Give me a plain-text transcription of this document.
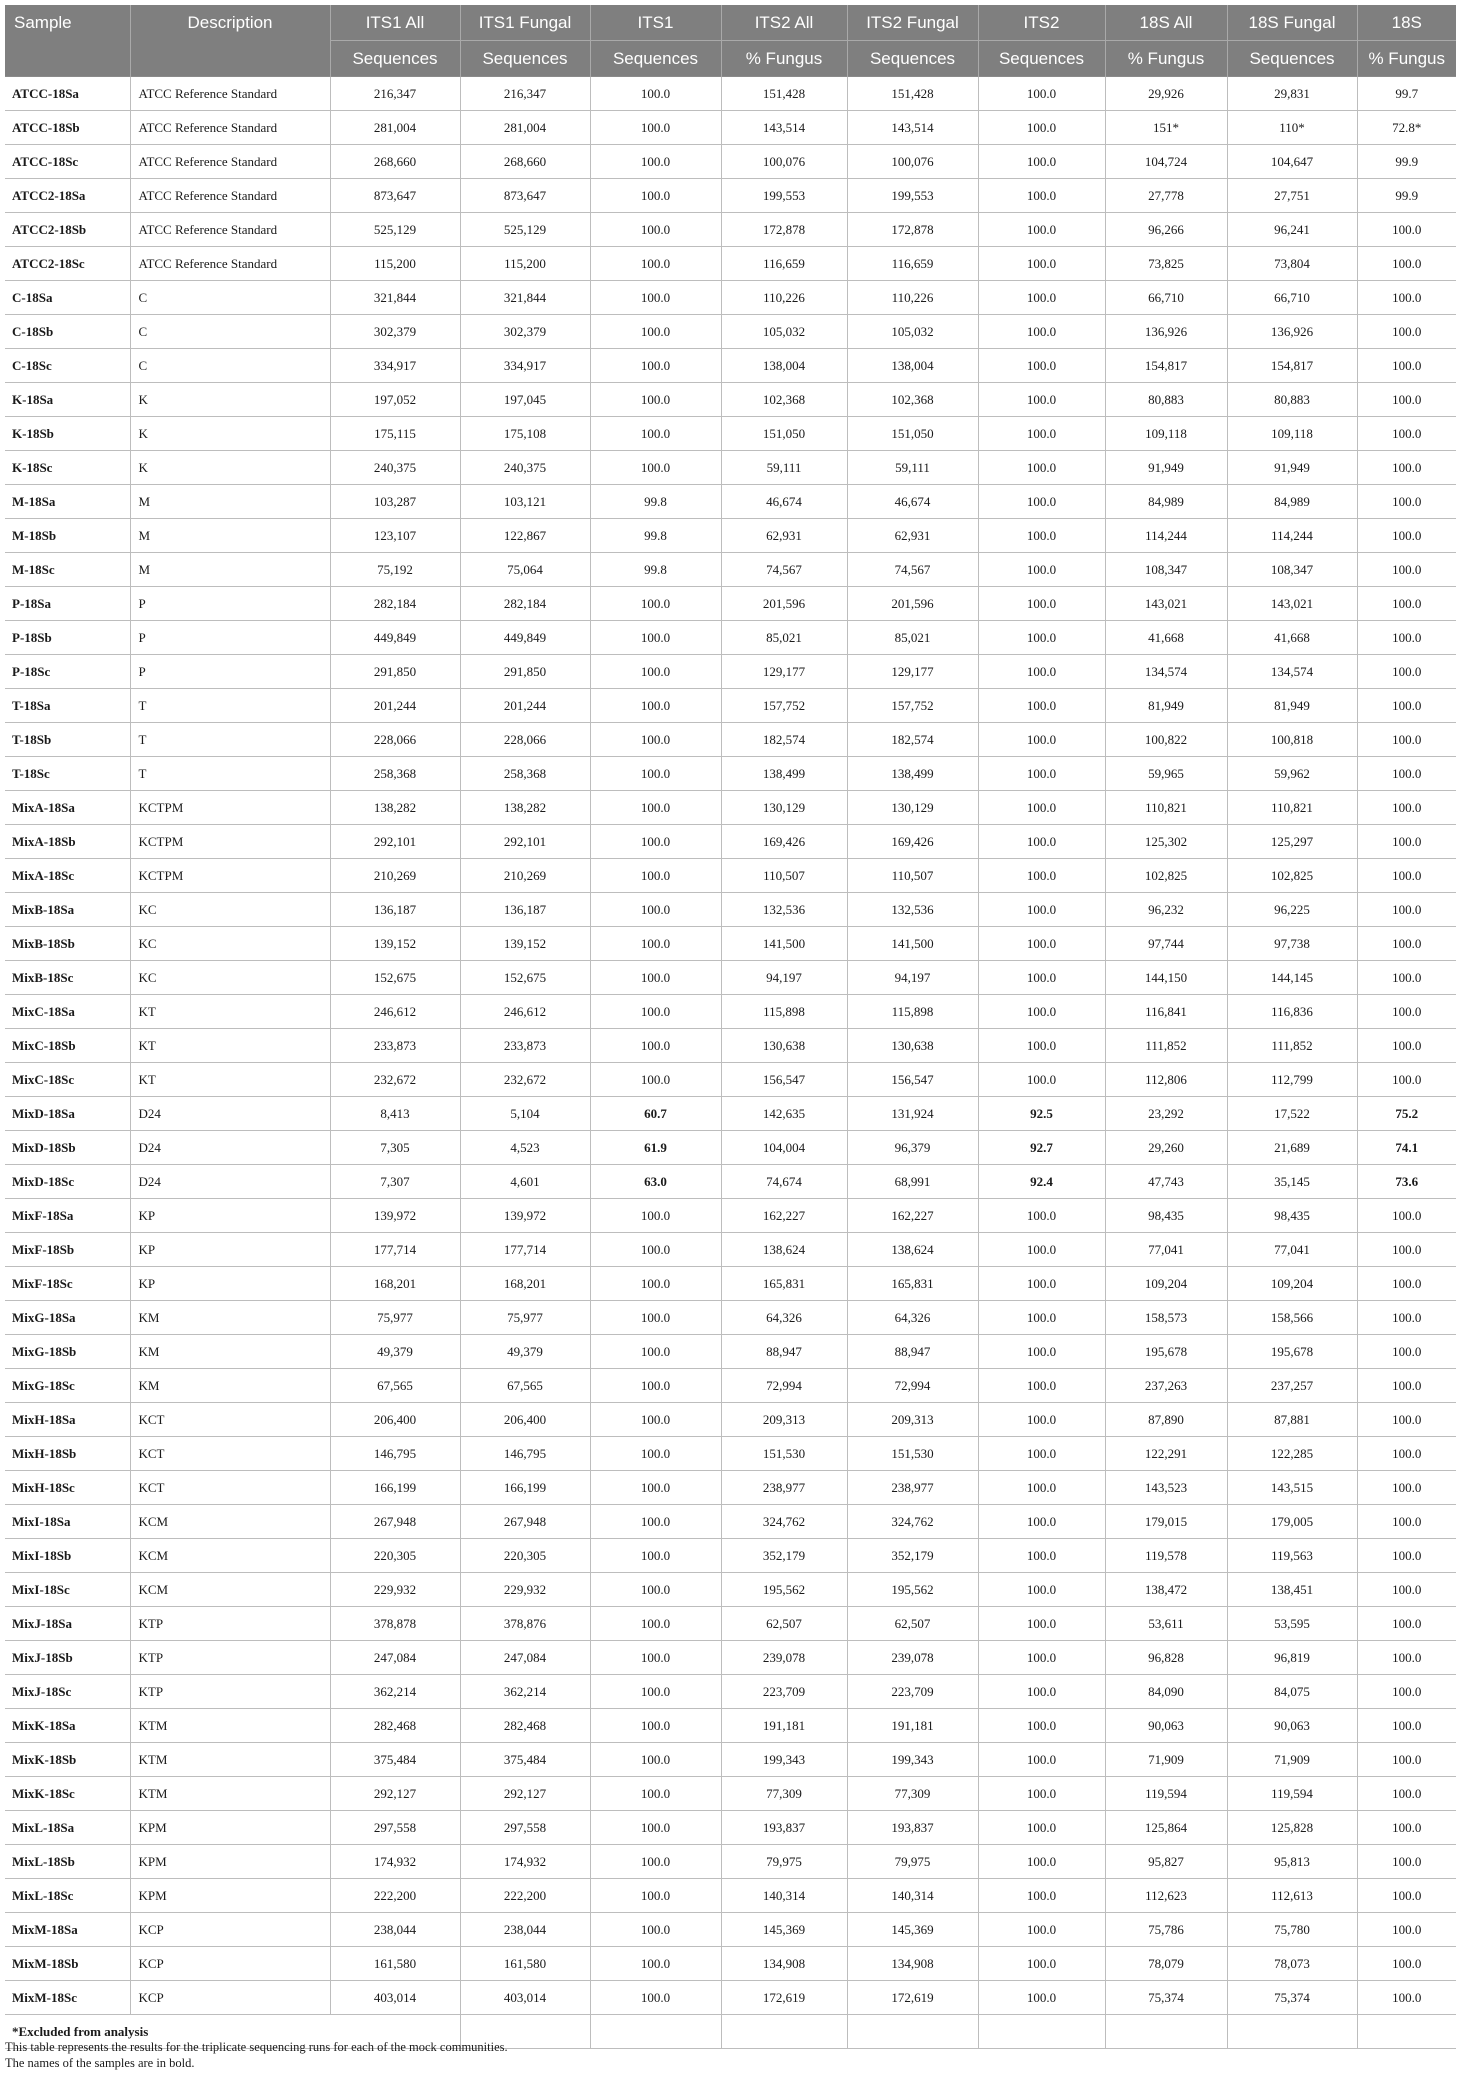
Sample	Description	ITS1 All	ITS1 Fungal	ITS1	ITS2 All	ITS2 Fungal	ITS2	18S All	18S Fungal	18S
		Sequences	Sequences	Sequences	% Fungus	Sequences	Sequences	% Fungus	Sequences	% Fungus
ATCC-18Sa	ATCC Reference Standard	216,347	216,347	100.0	151,428	151,428	100.0	29,926	29,831	99.7
ATCC-18Sb	ATCC Reference Standard	281,004	281,004	100.0	143,514	143,514	100.0	151*	110*	72.8*
ATCC-18Sc	ATCC Reference Standard	268,660	268,660	100.0	100,076	100,076	100.0	104,724	104,647	99.9
ATCC2-18Sa	ATCC Reference Standard	873,647	873,647	100.0	199,553	199,553	100.0	27,778	27,751	99.9
ATCC2-18Sb	ATCC Reference Standard	525,129	525,129	100.0	172,878	172,878	100.0	96,266	96,241	100.0
ATCC2-18Sc	ATCC Reference Standard	115,200	115,200	100.0	116,659	116,659	100.0	73,825	73,804	100.0
C-18Sa	C	321,844	321,844	100.0	110,226	110,226	100.0	66,710	66,710	100.0
C-18Sb	C	302,379	302,379	100.0	105,032	105,032	100.0	136,926	136,926	100.0
C-18Sc	C	334,917	334,917	100.0	138,004	138,004	100.0	154,817	154,817	100.0
K-18Sa	K	197,052	197,045	100.0	102,368	102,368	100.0	80,883	80,883	100.0
K-18Sb	K	175,115	175,108	100.0	151,050	151,050	100.0	109,118	109,118	100.0
K-18Sc	K	240,375	240,375	100.0	59,111	59,111	100.0	91,949	91,949	100.0
M-18Sa	M	103,287	103,121	99.8	46,674	46,674	100.0	84,989	84,989	100.0
M-18Sb	M	123,107	122,867	99.8	62,931	62,931	100.0	114,244	114,244	100.0
M-18Sc	M	75,192	75,064	99.8	74,567	74,567	100.0	108,347	108,347	100.0
P-18Sa	P	282,184	282,184	100.0	201,596	201,596	100.0	143,021	143,021	100.0
P-18Sb	P	449,849	449,849	100.0	85,021	85,021	100.0	41,668	41,668	100.0
P-18Sc	P	291,850	291,850	100.0	129,177	129,177	100.0	134,574	134,574	100.0
T-18Sa	T	201,244	201,244	100.0	157,752	157,752	100.0	81,949	81,949	100.0
T-18Sb	T	228,066	228,066	100.0	182,574	182,574	100.0	100,822	100,818	100.0
T-18Sc	T	258,368	258,368	100.0	138,499	138,499	100.0	59,965	59,962	100.0
MixA-18Sa	KCTPM	138,282	138,282	100.0	130,129	130,129	100.0	110,821	110,821	100.0
MixA-18Sb	KCTPM	292,101	292,101	100.0	169,426	169,426	100.0	125,302	125,297	100.0
MixA-18Sc	KCTPM	210,269	210,269	100.0	110,507	110,507	100.0	102,825	102,825	100.0
MixB-18Sa	KC	136,187	136,187	100.0	132,536	132,536	100.0	96,232	96,225	100.0
MixB-18Sb	KC	139,152	139,152	100.0	141,500	141,500	100.0	97,744	97,738	100.0
MixB-18Sc	KC	152,675	152,675	100.0	94,197	94,197	100.0	144,150	144,145	100.0
MixC-18Sa	KT	246,612	246,612	100.0	115,898	115,898	100.0	116,841	116,836	100.0
MixC-18Sb	KT	233,873	233,873	100.0	130,638	130,638	100.0	111,852	111,852	100.0
MixC-18Sc	KT	232,672	232,672	100.0	156,547	156,547	100.0	112,806	112,799	100.0
MixD-18Sa	D24	8,413	5,104	60.7	142,635	131,924	92.5	23,292	17,522	75.2
MixD-18Sb	D24	7,305	4,523	61.9	104,004	96,379	92.7	29,260	21,689	74.1
MixD-18Sc	D24	7,307	4,601	63.0	74,674	68,991	92.4	47,743	35,145	73.6
MixF-18Sa	KP	139,972	139,972	100.0	162,227	162,227	100.0	98,435	98,435	100.0
MixF-18Sb	KP	177,714	177,714	100.0	138,624	138,624	100.0	77,041	77,041	100.0
MixF-18Sc	KP	168,201	168,201	100.0	165,831	165,831	100.0	109,204	109,204	100.0
MixG-18Sa	KM	75,977	75,977	100.0	64,326	64,326	100.0	158,573	158,566	100.0
MixG-18Sb	KM	49,379	49,379	100.0	88,947	88,947	100.0	195,678	195,678	100.0
MixG-18Sc	KM	67,565	67,565	100.0	72,994	72,994	100.0	237,263	237,257	100.0
MixH-18Sa	KCT	206,400	206,400	100.0	209,313	209,313	100.0	87,890	87,881	100.0
MixH-18Sb	KCT	146,795	146,795	100.0	151,530	151,530	100.0	122,291	122,285	100.0
MixH-18Sc	KCT	166,199	166,199	100.0	238,977	238,977	100.0	143,523	143,515	100.0
MixI-18Sa	KCM	267,948	267,948	100.0	324,762	324,762	100.0	179,015	179,005	100.0
MixI-18Sb	KCM	220,305	220,305	100.0	352,179	352,179	100.0	119,578	119,563	100.0
MixI-18Sc	KCM	229,932	229,932	100.0	195,562	195,562	100.0	138,472	138,451	100.0
MixJ-18Sa	KTP	378,878	378,876	100.0	62,507	62,507	100.0	53,611	53,595	100.0
MixJ-18Sb	KTP	247,084	247,084	100.0	239,078	239,078	100.0	96,828	96,819	100.0
MixJ-18Sc	KTP	362,214	362,214	100.0	223,709	223,709	100.0	84,090	84,075	100.0
MixK-18Sa	KTM	282,468	282,468	100.0	191,181	191,181	100.0	90,063	90,063	100.0
MixK-18Sb	KTM	375,484	375,484	100.0	199,343	199,343	100.0	71,909	71,909	100.0
MixK-18Sc	KTM	292,127	292,127	100.0	77,309	77,309	100.0	119,594	119,594	100.0
MixL-18Sa	KPM	297,558	297,558	100.0	193,837	193,837	100.0	125,864	125,828	100.0
MixL-18Sb	KPM	174,932	174,932	100.0	79,975	79,975	100.0	95,827	95,813	100.0
MixL-18Sc	KPM	222,200	222,200	100.0	140,314	140,314	100.0	112,623	112,613	100.0
MixM-18Sa	KCP	238,044	238,044	100.0	145,369	145,369	100.0	75,786	75,780	100.0
MixM-18Sb	KCP	161,580	161,580	100.0	134,908	134,908	100.0	78,079	78,073	100.0
MixM-18Sc	KCP	403,014	403,014	100.0	172,619	172,619	100.0	75,374	75,374	100.0
*Excluded from analysis										
This table represents the results for the triplicate sequencing runs for each of the mock communities.
The names of the samples are in bold.
